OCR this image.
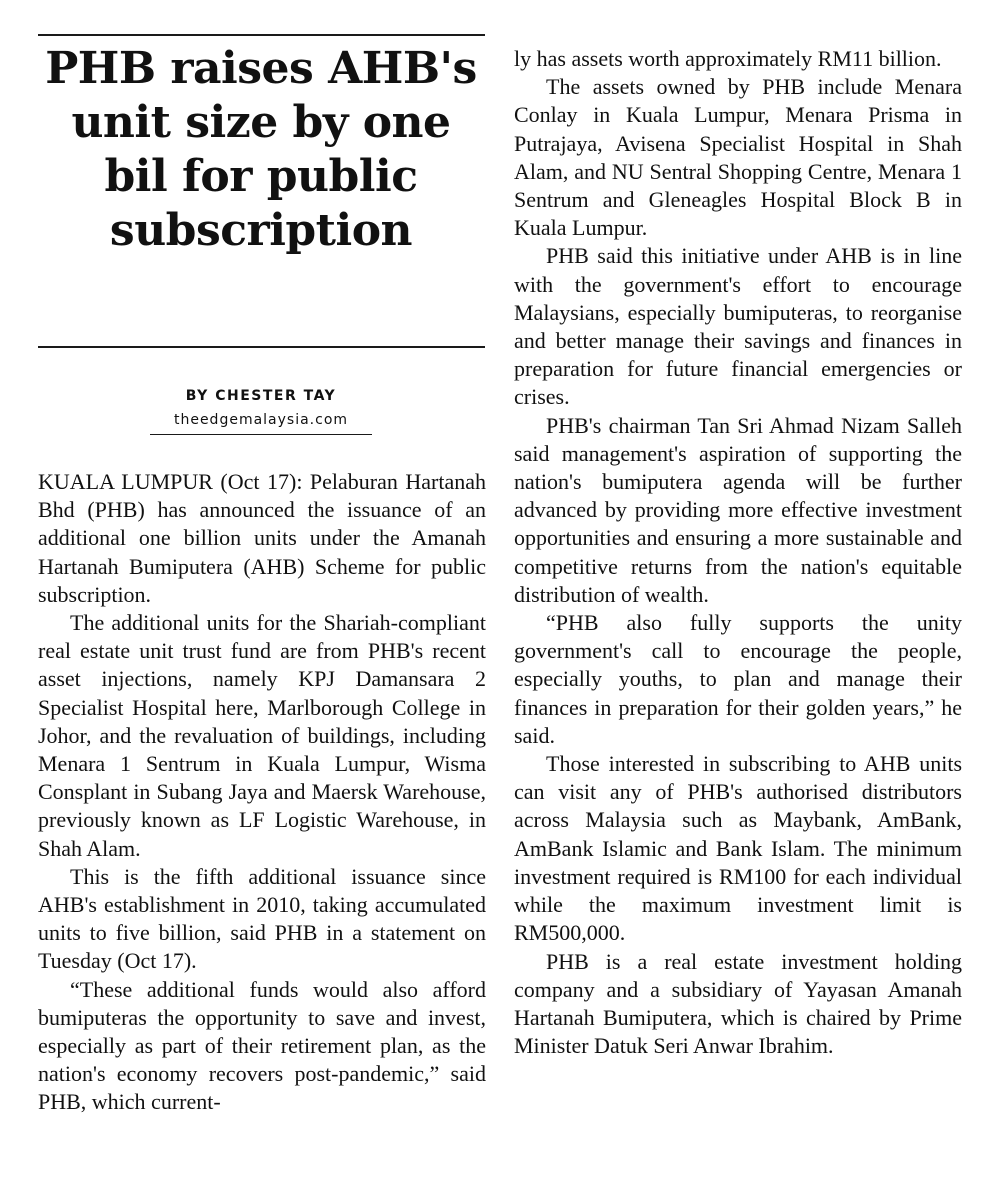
PHB raises AHB's unit size by one bil for public subscription

BY CHESTER TAY

theedgemalaysia.com

KUALA LUMPUR (Oct 17): Pelaburan Hartanah Bhd (PHB) has announced the issuance of an additional one billion units under the Amanah Hartanah Bumiputera (AHB) Scheme for public subscription.

The additional units for the Shariah-compliant real estate unit trust fund are from PHB's recent asset injections, namely KPJ Damansara 2 Specialist Hospital here, Marlborough College in Johor, and the revaluation of buildings, including Menara 1 Sentrum in Kuala Lumpur, Wisma Consplant in Subang Jaya and Maersk Warehouse, previously known as LF Logistic Warehouse, in Shah Alam.

This is the fifth additional issuance since AHB's establishment in 2010, taking accumulated units to five billion, said PHB in a statement on Tuesday (Oct 17).

“These additional funds would also afford bumiputeras the opportunity to save and invest, especially as part of their retirement plan, as the nation's economy recovers post-pandemic,” said PHB, which current-

ly has assets worth approximately RM11 billion.

The assets owned by PHB include Menara Conlay in Kuala Lumpur, Menara Prisma in Putrajaya, Avisena Specialist Hospital in Shah Alam, and NU Sentral Shopping Centre, Menara 1 Sentrum and Gleneagles Hospital Block B in Kuala Lumpur.

PHB said this initiative under AHB is in line with the government's effort to encourage Malaysians, especially bumiputeras, to reorganise and better manage their savings and finances in preparation for future financial emergencies or crises.

PHB's chairman Tan Sri Ahmad Nizam Salleh said management's aspiration of supporting the nation's bumiputera agenda will be further advanced by providing more effective investment opportunities and ensuring a more sustainable and competitive returns from the nation's equitable distribution of wealth.

“PHB also fully supports the unity government's call to encourage the people, especially youths, to plan and manage their finances in preparation for their golden years,” he said.

Those interested in subscribing to AHB units can visit any of PHB's authorised distributors across Malaysia such as Maybank, AmBank, AmBank Islamic and Bank Islam. The minimum investment required is RM100 for each individual while the maximum investment limit is RM500,000.

PHB is a real estate investment holding company and a subsidiary of Yayasan Amanah Hartanah Bumiputera, which is chaired by Prime Minister Datuk Seri Anwar Ibrahim.
